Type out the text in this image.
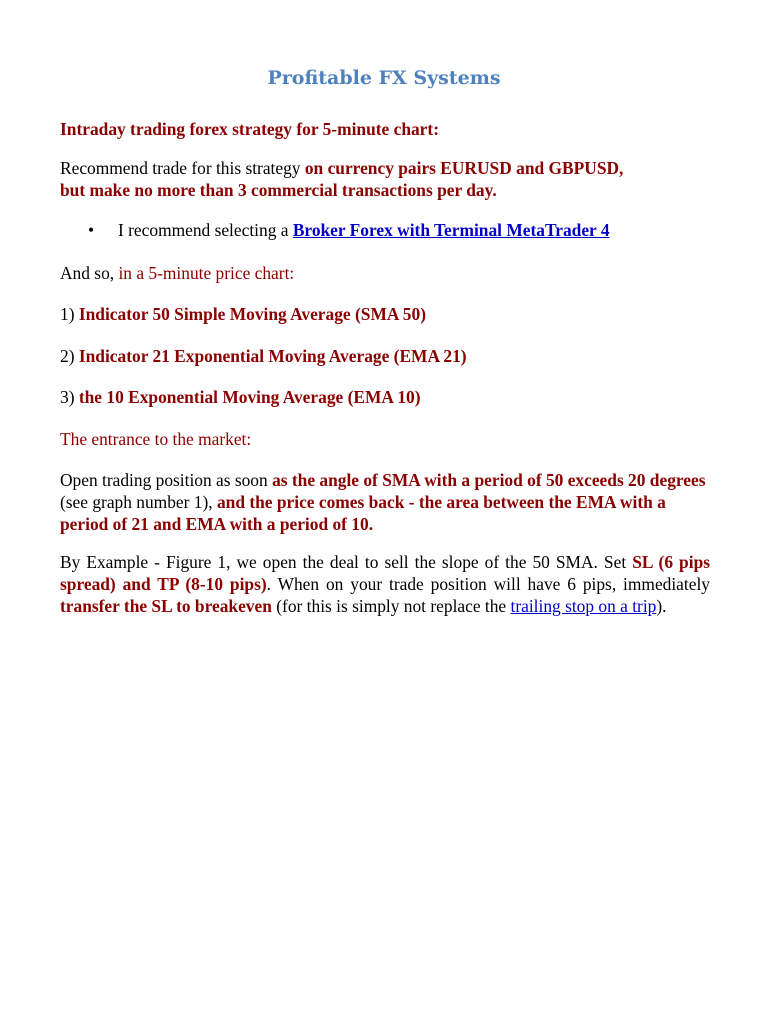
Profitable FX Systems
Intraday trading forex strategy for 5-minute chart:
Recommend trade for this strategy on currency pairs EURUSD and GBPUSD,
but make no more than 3 commercial transactions per day.
• I recommend selecting a Broker Forex with Terminal MetaTrader 4
And so, in a 5-minute price chart:
1) Indicator 50 Simple Moving Average (SMA 50)
2) Indicator 21 Exponential Moving Average (EMA 21)
3) the 10 Exponential Moving Average (EMA 10)
The entrance to the market:
Open trading position as soon as the angle of SMA with a period of 50 exceeds 20 degrees (see graph number 1), and the price comes back - the area between the EMA with a period of 21 and EMA with a period of 10.
By Example - Figure 1, we open the deal to sell the slope of the 50 SMA. Set SL (6 pips spread) and TP (8-10 pips). When on your trade position will have 6 pips, immediately transfer the SL to breakeven (for this is simply not replace the trailing stop on a trip).
